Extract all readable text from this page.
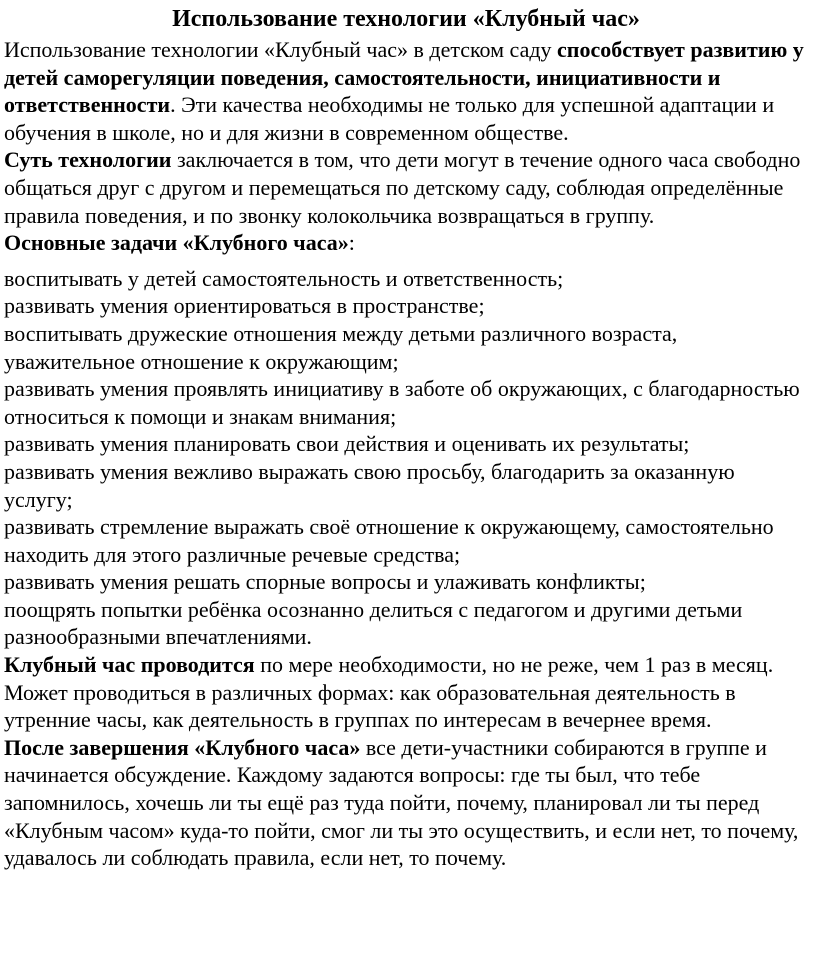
Использование технологии «Клубный час»

Использование технологии «Клубный час» в детском саду способствует развитию у детей саморегуляции поведения, самостоятельности, инициативности и ответственности. Эти качества необходимы не только для успешной адаптации и обучения в школе, но и для жизни в современном обществе.

Суть технологии заключается в том, что дети могут в течение одного часа свободно общаться друг с другом и перемещаться по детскому саду, соблюдая определённые правила поведения, и по звонку колокольчика возвращаться в группу.

Основные задачи «Клубного часа»:

воспитывать у детей самостоятельность и ответственность;
развивать умения ориентироваться в пространстве;
воспитывать дружеские отношения между детьми различного возраста, уважительное отношение к окружающим;
развивать умения проявлять инициативу в заботе об окружающих, с благодарностью относиться к помощи и знакам внимания;
развивать умения планировать свои действия и оценивать их результаты;
развивать умения вежливо выражать свою просьбу, благодарить за оказанную услугу;
развивать стремление выражать своё отношение к окружающему, самостоятельно находить для этого различные речевые средства;
развивать умения решать спорные вопросы и улаживать конфликты;
поощрять попытки ребёнка осознанно делиться с педагогом и другими детьми разнообразными впечатлениями.

Клубный час проводится по мере необходимости, но не реже, чем 1 раз в месяц. Может проводиться в различных формах: как образовательная деятельность в утренние часы, как деятельность в группах по интересам в вечернее время.

После завершения «Клубного часа» все дети-участники собираются в группе и начинается обсуждение. Каждому задаются вопросы: где ты был, что тебе запомнилось, хочешь ли ты ещё раз туда пойти, почему, планировал ли ты перед «Клубным часом» куда-то пойти, смог ли ты это осуществить, и если нет, то почему, удавалось ли соблюдать правила, если нет, то почему.
